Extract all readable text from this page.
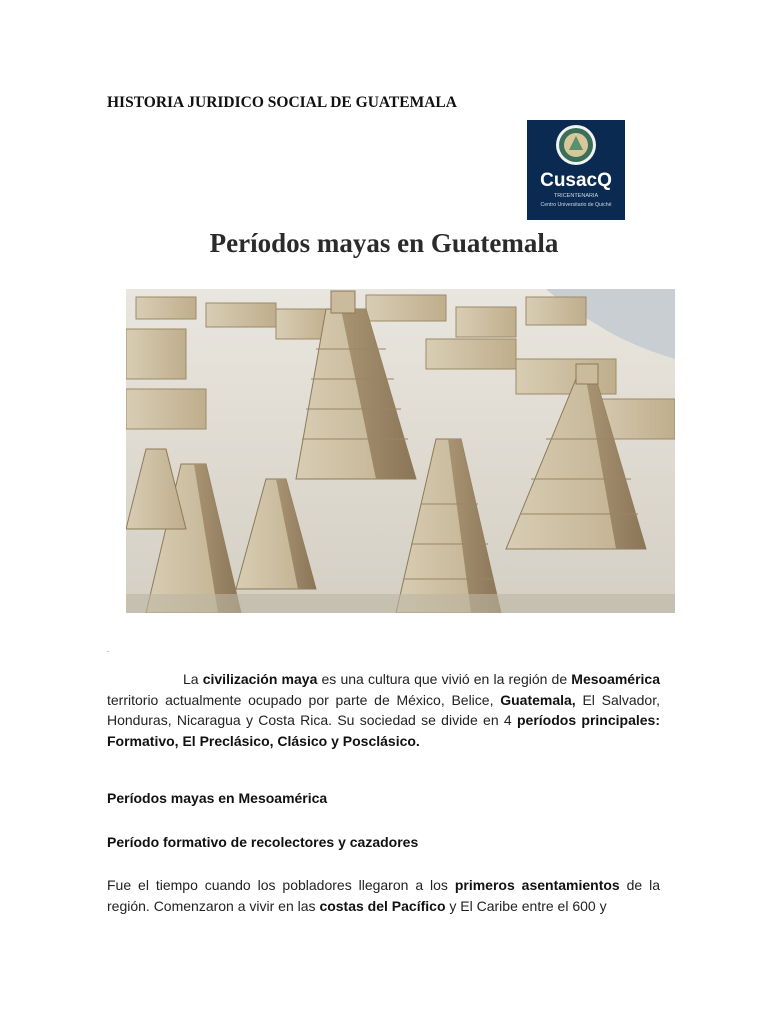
HISTORIA JURIDICO SOCIAL DE GUATEMALA
CusacQ
TRICENTENARIA
Centro Universitario de Quiché
Períodos mayas en Guatemala
.

La civilización maya es una cultura que vivió en la región de Mesoamérica territorio actualmente ocupado por parte de México, Belice, Guatemala, El Salvador, Honduras, Nicaragua y Costa Rica. Su sociedad se divide en 4 períodos principales: Formativo, El Preclásico, Clásico y Posclásico.

Períodos mayas en Mesoamérica
Período formativo de recolectores y cazadores

Fue el tiempo cuando los pobladores llegaron a los primeros asentamientos de la región. Comenzaron a vivir en las costas del Pacífico y El Caribe entre el 600 y
